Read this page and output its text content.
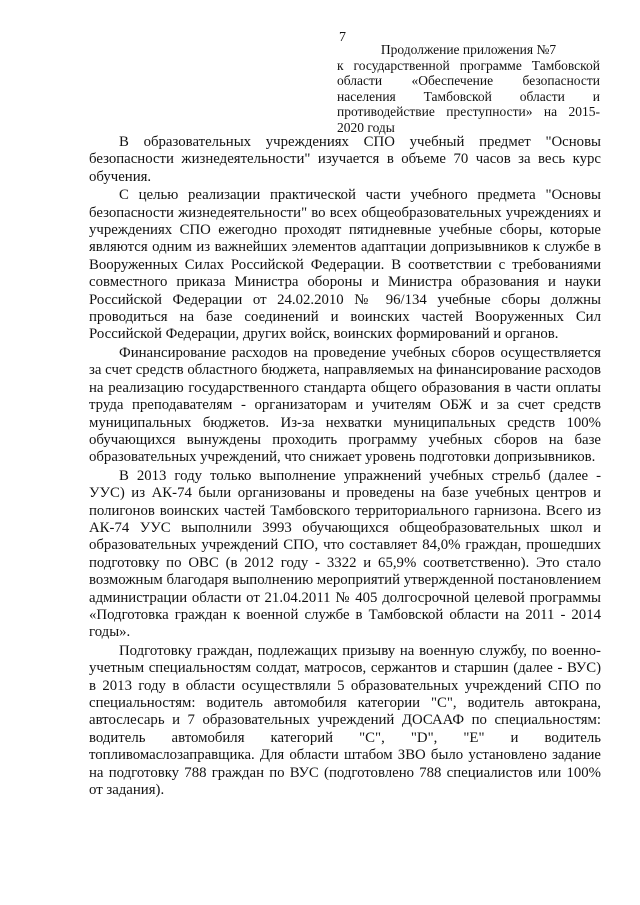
7
Продолжение приложения №7
к государственной программе Тамбовской области «Обеспечение безопасности населения Тамбовской области и противодействие преступности» на 2015-2020 годы

В образовательных учреждениях СПО учебный предмет "Основы безопасности жизнедеятельности" изучается в объеме 70 часов за весь курс обучения.

С целью реализации практической части учебного предмета "Основы безопасности жизнедеятельности" во всех общеобразовательных учреждениях и учреждениях СПО ежегодно проходят пятидневные учебные сборы, которые являются одним из важнейших элементов адаптации допризывников к службе в Вооруженных Силах Российской Федерации. В соответствии с требованиями совместного приказа Министра обороны и Министра образования и науки Российской Федерации от 24.02.2010 № 96/134 учебные сборы должны проводиться на базе соединений и воинских частей Вооруженных Сил Российской Федерации, других войск, воинских формирований и органов.

Финансирование расходов на проведение учебных сборов осуществляется за счет средств областного бюджета, направляемых на финансирование расходов на реализацию государственного стандарта общего образования в части оплаты труда преподавателям - организаторам и учителям ОБЖ и за счет средств муниципальных бюджетов. Из-за нехватки муниципальных средств 100% обучающихся вынуждены проходить программу учебных сборов на базе образовательных учреждений, что снижает уровень подготовки допризывников.

В 2013 году только выполнение упражнений учебных стрельб (далее - УУС) из АК-74 были организованы и проведены на базе учебных центров и полигонов воинских частей Тамбовского территориального гарнизона. Всего из АК-74 УУС выполнили 3993 обучающихся общеобразовательных школ и образовательных учреждений СПО, что составляет 84,0% граждан, прошедших подготовку по ОВС (в 2012 году - 3322 и 65,9% соответственно). Это стало возможным благодаря выполнению мероприятий утвержденной постановлением администрации области от 21.04.2011 № 405 долгосрочной целевой программы «Подготовка граждан к военной службе в Тамбовской области на 2011 - 2014 годы».

Подготовку граждан, подлежащих призыву на военную службу, по военно-учетным специальностям солдат, матросов, сержантов и старшин (далее - ВУС) в 2013 году в области осуществляли 5 образовательных учреждений СПО по специальностям: водитель автомобиля категории "С", водитель автокрана, автослесарь и 7 образовательных учреждений ДОСААФ по специальностям: водитель автомобиля категорий "С", "D", "E" и водитель топливомаслозаправщика. Для области штабом ЗВО было установлено задание на подготовку 788 граждан по ВУС (подготовлено 788 специалистов или 100% от задания).
